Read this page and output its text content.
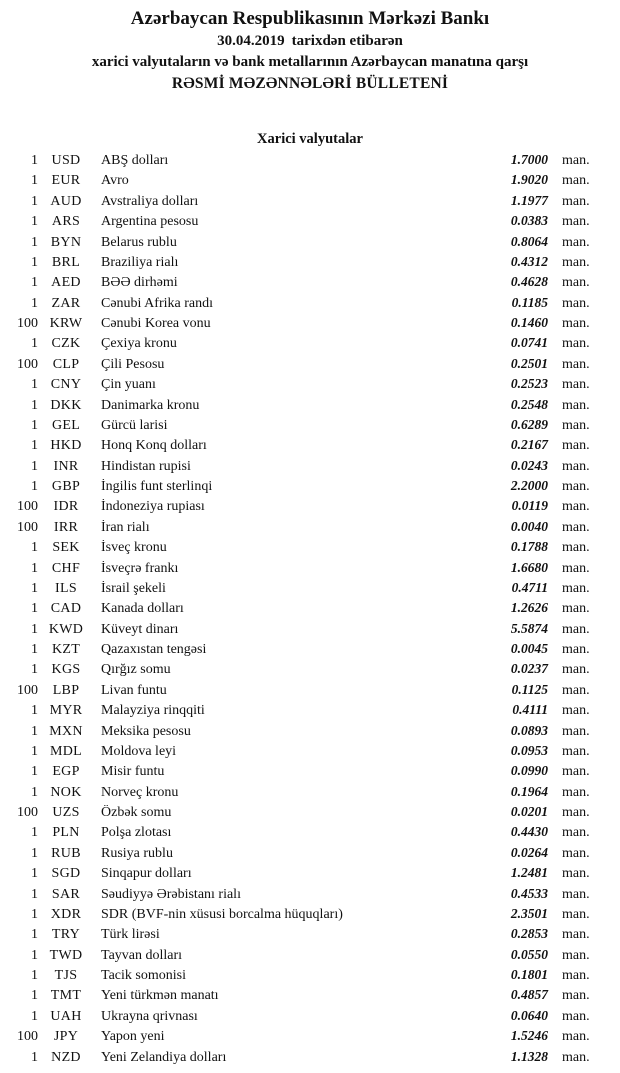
Azərbaycan Respublikasının Mərkəzi Bankı
30.04.2019 tarixdən etibarən
xarici valyutaların və bank metallarının Azərbaycan manatına qarşı
RƏSMİ MƏZƏNNƏLƏRİ BÜLLETENİ
Xarici valyutalar
1 USD	ABŞ dolları	1.7000	man.
1 EUR	Avro	1.9020	man.
1 AUD	Avstraliya dolları	1.1977	man.
1 ARS	Argentina pesosu	0.0383	man.
1 BYN	Belarus rublu	0.8064	man.
1 BRL	Braziliya rialı	0.4312	man.
1 AED	BƏƏ dirhəmi	0.4628	man.
1 ZAR	Cənubi Afrika randı	0.1185	man.
100 KRW	Cənubi Korea vonu	0.1460	man.
1 CZK	Çexiya kronu	0.0741	man.
100	CLP	Çili Pesosu	0.2501	man.
1 CNY	Çin yuanı	0.2523	man.
1 DKK	Danimarka kronu	0.2548	man.
1 GEL	Gürcü larisi	0.6289	man.
1 HKD	Honq Konq dolları	0.2167	man.
1	INR	Hindistan rupisi	0.0243	man.
1 GBP	İngilis funt sterlinqi	2.2000	man.
100	IDR	İndoneziya rupiası	0.0119	man.
100	IRR	İran rialı	0.0040	man.
1	SEK	İsveç kronu	0.1788	man.
1 CHF	İsveçrə frankı	1.6680	man.
1	ILS	İsrail şekeli	0.4711	man.
1 CAD	Kanada dolları	1.2626	man.
1 KWD	Küveyt dinarı	5.5874	man.
1 KZT	Qazaxıstan tengəsi	0.0045	man.
1 KGS	Qırğız somu	0.0237	man.
100	LBP	Livan funtu	0.1125	man.
1 MYR	Malayziya rinqqiti	0.4111	man.
1 MXN	Meksika pesosu	0.0893	man.
1 MDL	Moldova leyi	0.0953	man.
1	EGP	Misir funtu	0.0990	man.
1 NOK	Norveç kronu	0.1964	man.
100	UZS	Özbək somu	0.0201	man.
1	PLN	Polşa zlotası	0.4430	man.
1 RUB	Rusiya rublu	0.0264	man.
1 SGD	Sinqapur dolları	1.2481	man.
1 SAR	Səudiyyə Ərəbistanı rialı	0.4533	man.
1 XDR	SDR (BVF-nin xüsusi borcalma hüquqları)	2.3501	man.
1 TRY	Türk lirəsi	0.2853	man.
1 TWD	Tayvan dolları	0.0550	man.
1	TJS	Tacik somonisi	0.1801	man.
1 TMT	Yeni türkmən manatı	0.4857	man.
1 UAH	Ukrayna qrivnası	0.0640	man.
100	JPY	Yapon yeni	1.5246	man.
1 NZD	Yeni Zelandiya dolları	1.1328	man.
